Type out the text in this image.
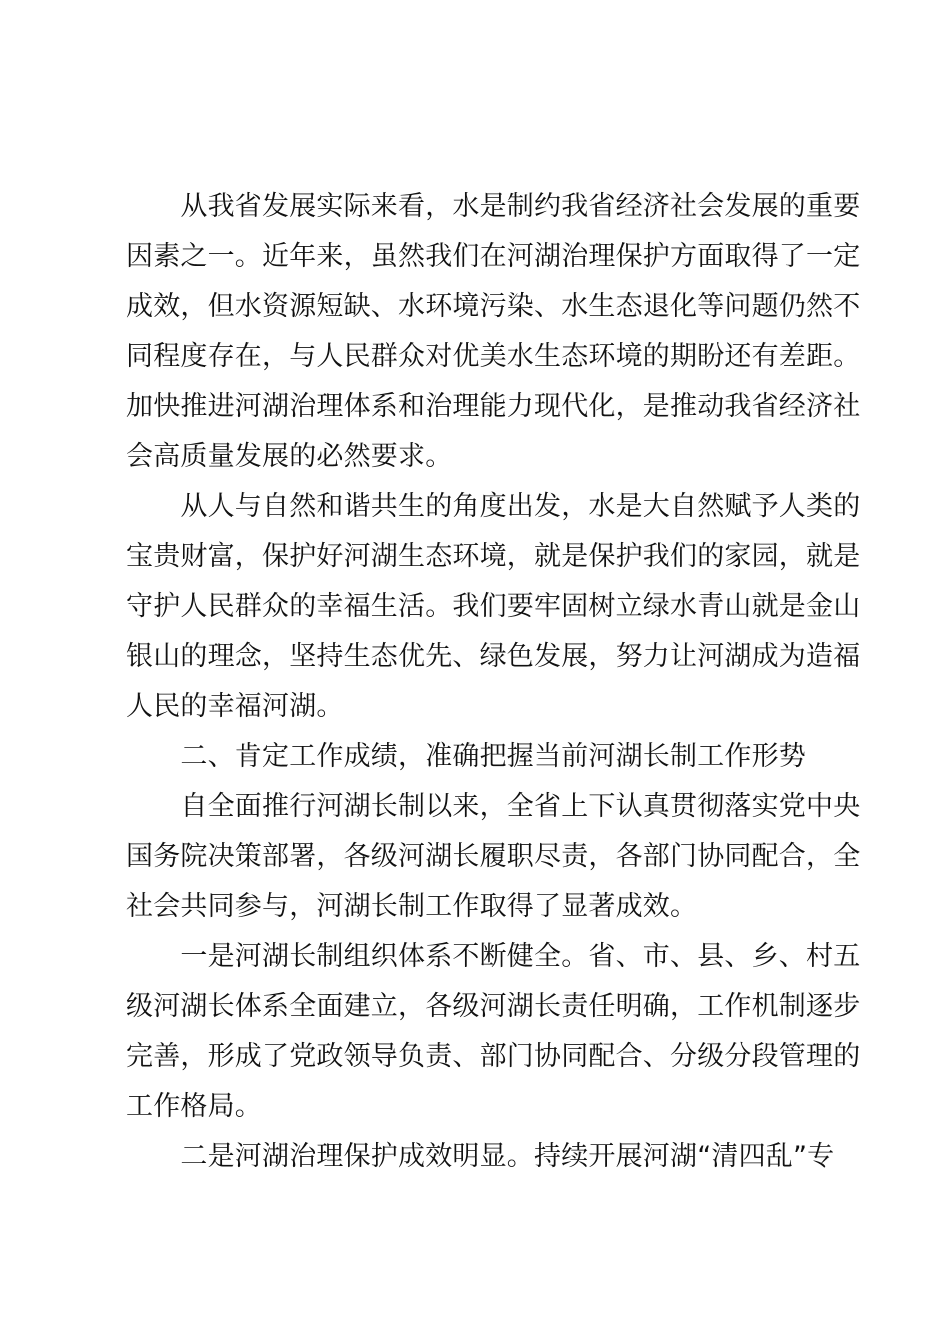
　　从我省发展实际来看，水是制约我省经济社会发展的重要
因素之一。近年来，虽然我们在河湖治理保护方面取得了一定
成效，但水资源短缺、水环境污染、水生态退化等问题仍然不
同程度存在，与人民群众对优美水生态环境的期盼还有差距。
加快推进河湖治理体系和治理能力现代化，是推动我省经济社
会高质量发展的必然要求。
　　从人与自然和谐共生的角度出发，水是大自然赋予人类的
宝贵财富，保护好河湖生态环境，就是保护我们的家园，就是
守护人民群众的幸福生活。我们要牢固树立绿水青山就是金山
银山的理念，坚持生态优先、绿色发展，努力让河湖成为造福
人民的幸福河湖。
　　二、肯定工作成绩，准确把握当前河湖长制工作形势
　　自全面推行河湖长制以来，全省上下认真贯彻落实党中央
国务院决策部署，各级河湖长履职尽责，各部门协同配合，全
社会共同参与，河湖长制工作取得了显著成效。
　　一是河湖长制组织体系不断健全。省、市、县、乡、村五
级河湖长体系全面建立，各级河湖长责任明确，工作机制逐步
完善，形成了党政领导负责、部门协同配合、分级分段管理的
工作格局。
　　二是河湖治理保护成效明显。持续开展河湖“清四乱”专
